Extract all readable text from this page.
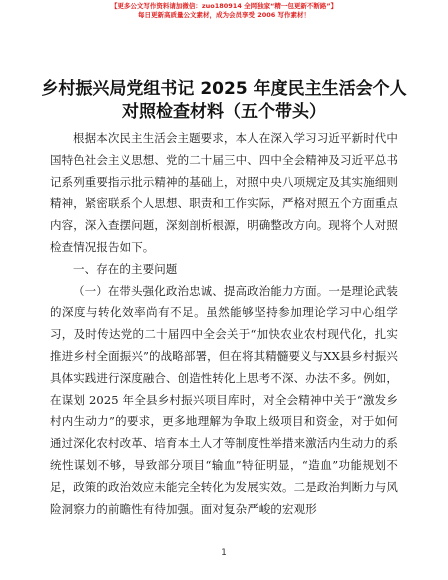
【更多公文写作资料请加微信：zuo180914 全网独家“精一包更新不断路”】
每日更新高质量公文素材，成为会员享受 2006 写作素材！
乡村振兴局党组书记 2025 年度民主生活会个人
对照检查材料（五个带头）

根据本次民主生活会主题要求，本人在深入学习习近平新时代中国特色社会主义思想、党的二十届三中、四中全会精神及习近平总书记系列重要指示批示精神的基础上，对照中央八项规定及其实施细则精神，紧密联系个人思想、职责和工作实际，严格对照五个方面重点内容，深入查摆问题，深刻剖析根源，明确整改方向。现将个人对照检查情况报告如下。

一、存在的主要问题

（一）在带头强化政治忠诚、提高政治能力方面。一是理论武装的深度与转化效率尚有不足。虽然能够坚持参加理论学习中心组学习，及时传达党的二十届四中全会关于“加快农业农村现代化，扎实推进乡村全面振兴”的战略部署，但在将其精髓要义与XX县乡村振兴具体实践进行深度融合、创造性转化上思考不深、办法不多。例如，在谋划 2025 年全县乡村振兴项目库时，对全会精神中关于“激发乡村内生动力”的要求，更多地理解为争取上级项目和资金，对于如何通过深化农村改革、培育本土人才等制度性举措来激活内生动力的系统性谋划不够，导致部分项目“输血”特征明显，“造血”功能规划不足，政策的政治效应未能完全转化为发展实效。二是政治判断力与风险洞察力的前瞻性有待加强。面对复杂严峻的宏观形

1
